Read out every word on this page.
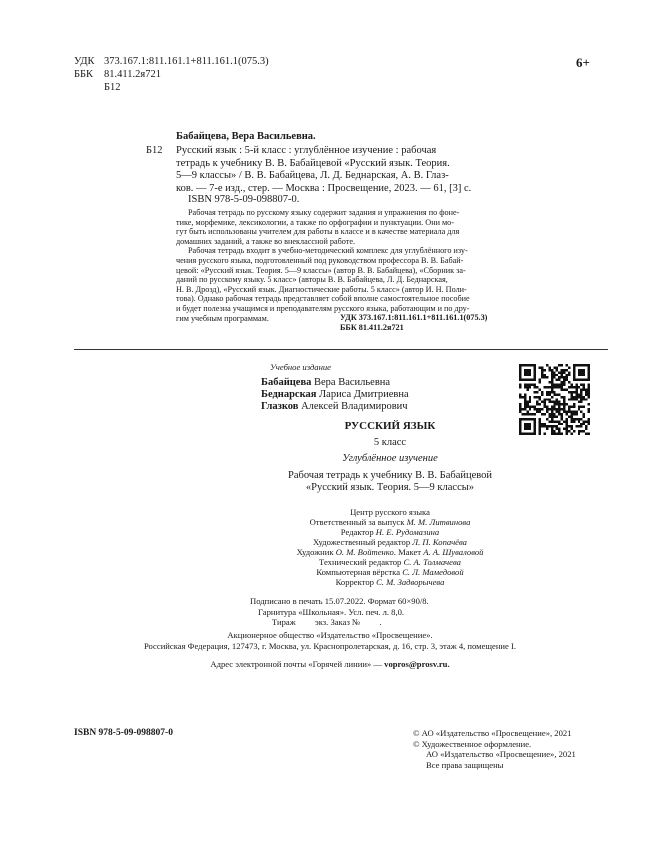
УДК 373.167.1:811.161.1+811.161.1(075.3)
ББК 81.411.2я721
Б12
6+
Бабайцева, Вера Васильевна.
Б12 Русский язык : 5-й класс : углублённое изучение : рабочая
тетрадь к учебнику В. В. Бабайцевой «Русский язык. Теория.
5—9 классы» / В. В. Бабайцева, Л. Д. Беднарская, А. В. Глаз-
ков. — 7-е изд., стер. — Москва : Просвещение, 2023. — 61, [3] с.
ISBN 978-5-09-098807-0.

Рабочая тетрадь по русскому языку содержит задания и упражнения по фоне-

тике, морфемике, лексикологии, а также по орфографии и пунктуации. Они мо-
гут быть использованы учителем для работы в классе и в качестве материала для
домашних заданий, а также во внеклассной работе.

Рабочая тетрадь входит в учебно-методический комплекс для углублённого изу-

чения русского языка, подготовленный под руководством профессора В. В. Бабай-
цевой: «Русский язык. Теория. 5—9 классы» (автор В. В. Бабайцева), «Сборник за-
даний по русскому языку. 5 класс» (авторы В. В. Бабайцева, Л. Д. Беднарская,
Н. В. Дрозд), «Русский язык. Диагностические работы. 5 класс» (автор И. Н. Поли-
това). Однако рабочая тетрадь представляет собой вполне самостоятельное пособие
и будет полезна учащимся и преподавателям русского языка, работающим и по дру-
гим учебным программам.	УДК 373.167.1:811.161.1+811.161.1(075.3)
ББК 81.411.2я721
Учебное издание
Бабайцева Вера Васильевна
Беднарская Лариса Дмитриевна
Глазков Алексей Владимирович
РУССКИЙ ЯЗЫК
5 класс
Углублённое изучение
Рабочая тетрадь к учебнику В. В. Бабайцевой
«Русский язык. Теория. 5—9 классы»
Центр русского языка
Ответственный за выпуск М. М. Литвинова
Редактор Н. Е. Рудомазина
Художественный редактор Л. П. Копачёва
Художник О. М. Войтенко. Макет А. А. Шуваловой
Технический редактор С. А. Толмачева
Компьютерная вёрстка С. Л. Мамедовой
Корректор С. М. Задворычева
Подписано в печать 15.07.2022. Формат 60×90/8.
Гарнитура «Школьная». Усл. печ. л. 8,0.
Тираж         экз. Заказ №         .
Акционерное общество «Издательство «Просвещение».
Российская Федерация, 127473, г. Москва, ул. Краснопролетарская, д. 16, стр. 3, этаж 4, помещение I.
Адрес электронной почты «Горячей линии» — vopros@prosv.ru.
ISBN 978-5-09-098807-0	© АО «Издательство «Просвещение», 2021
© Художественное оформление.
АО «Издательство «Просвещение», 2021
Все права защищены
